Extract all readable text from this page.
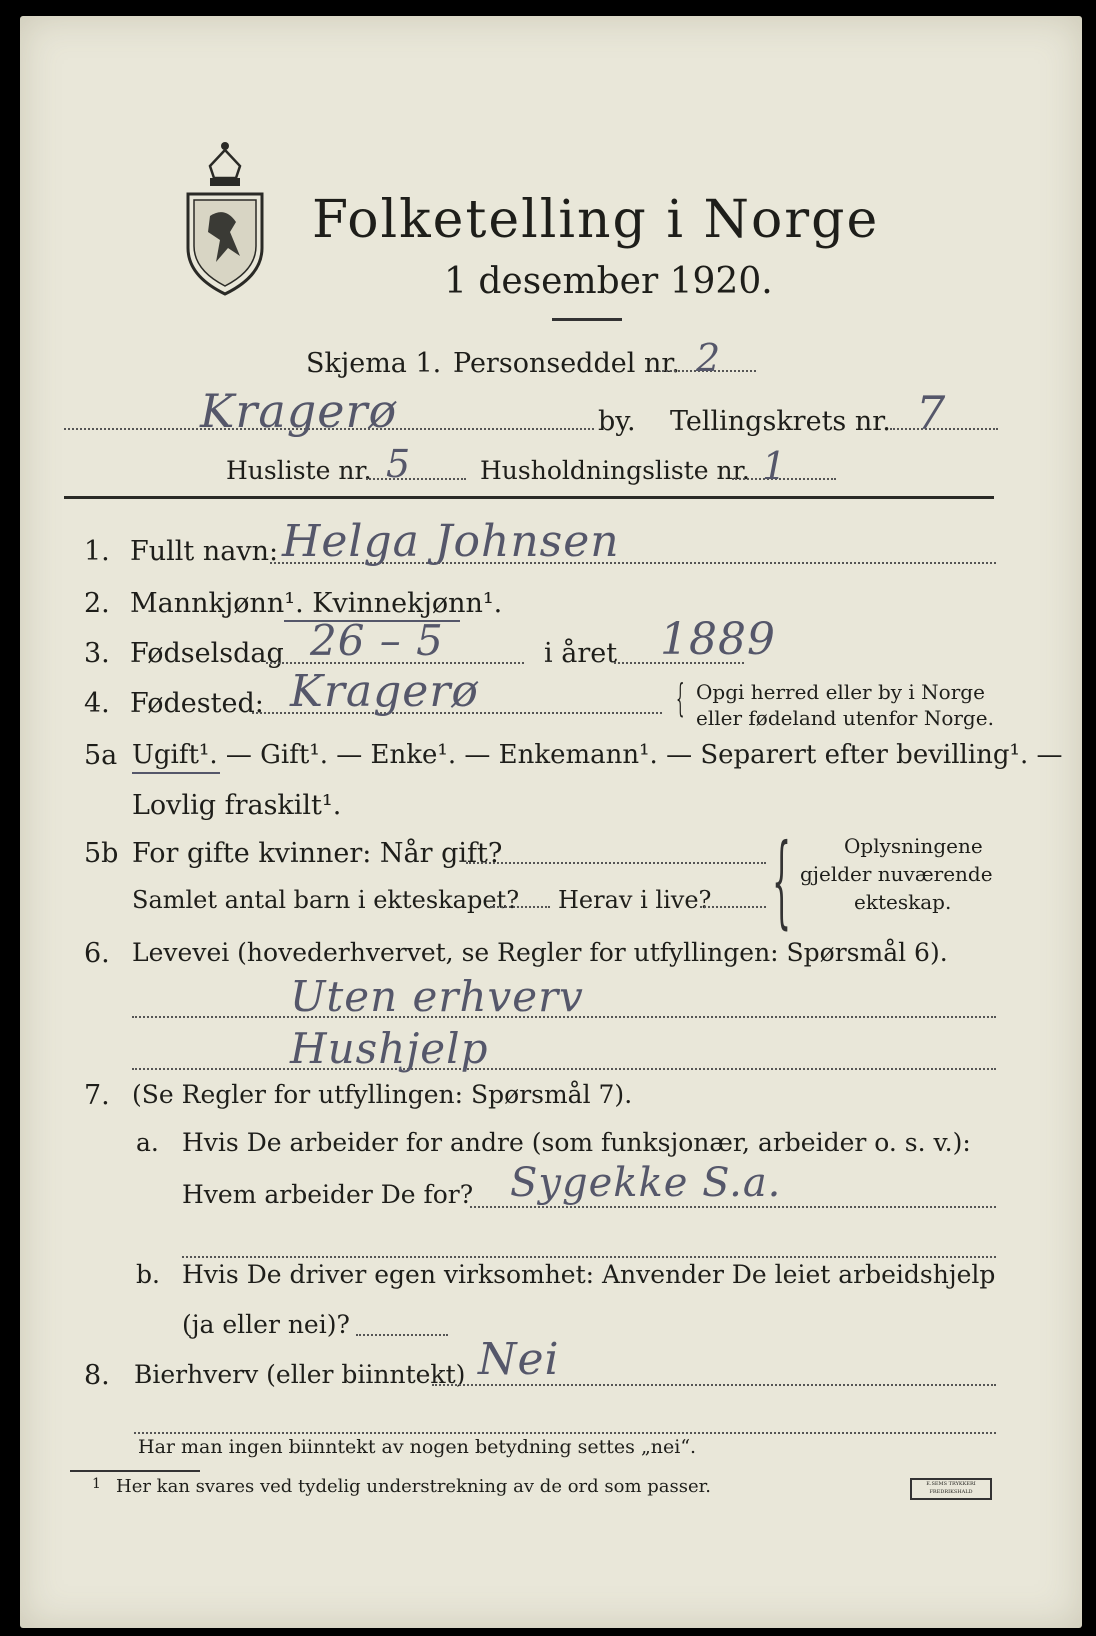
Folketelling i Norge
1 desember 1920.
Skjema 1. Personseddel nr. 2
Kragerø	by. Tellingskrets nr. 7
Husliste nr. 5	Husholdningsliste nr. 1
1. Fullt navn: Helga Johnsen
2. Mannkjønn¹. Kvinnekjønn¹.
3. Fødselsdag 26 – 5	i året 1889
4. Fødested: Kragerø	{ Opgi herred eller by i Norge
eller fødeland utenfor Norge.
5a Ugift¹. — Gift¹. — Enke¹. — Enkemann¹. — Separert efter bevilling¹. —
Lovlig fraskilt¹.
5b For gifte kvinner: Når gift?
Samlet antal barn i ekteskapet? Herav i live? {	Oplysningene
gjelder nuværende
ekteskap.
6. Levevei (hovederhvervet, se Regler for utfyllingen: Spørsmål 6).
Uten erhverv
Hushjelp
7. (Se Regler for utfyllingen: Spørsmål 7).
a. Hvis De arbeider for andre (som funksjonær, arbeider o. s. v.):
Hvem arbeider De for? Sygekke S.a.
b. Hvis De driver egen virksomhet: Anvender De leiet arbeidshjelp
(ja eller nei)?
8. Bierhverv (eller biinntekt) Nei
Har man ingen biinntekt av nogen betydning settes „nei“.
1 Her kan svares ved tydelig understrekning av de ord som passer.	E.SEMS TRYKKERI FREDRIKSHALD
